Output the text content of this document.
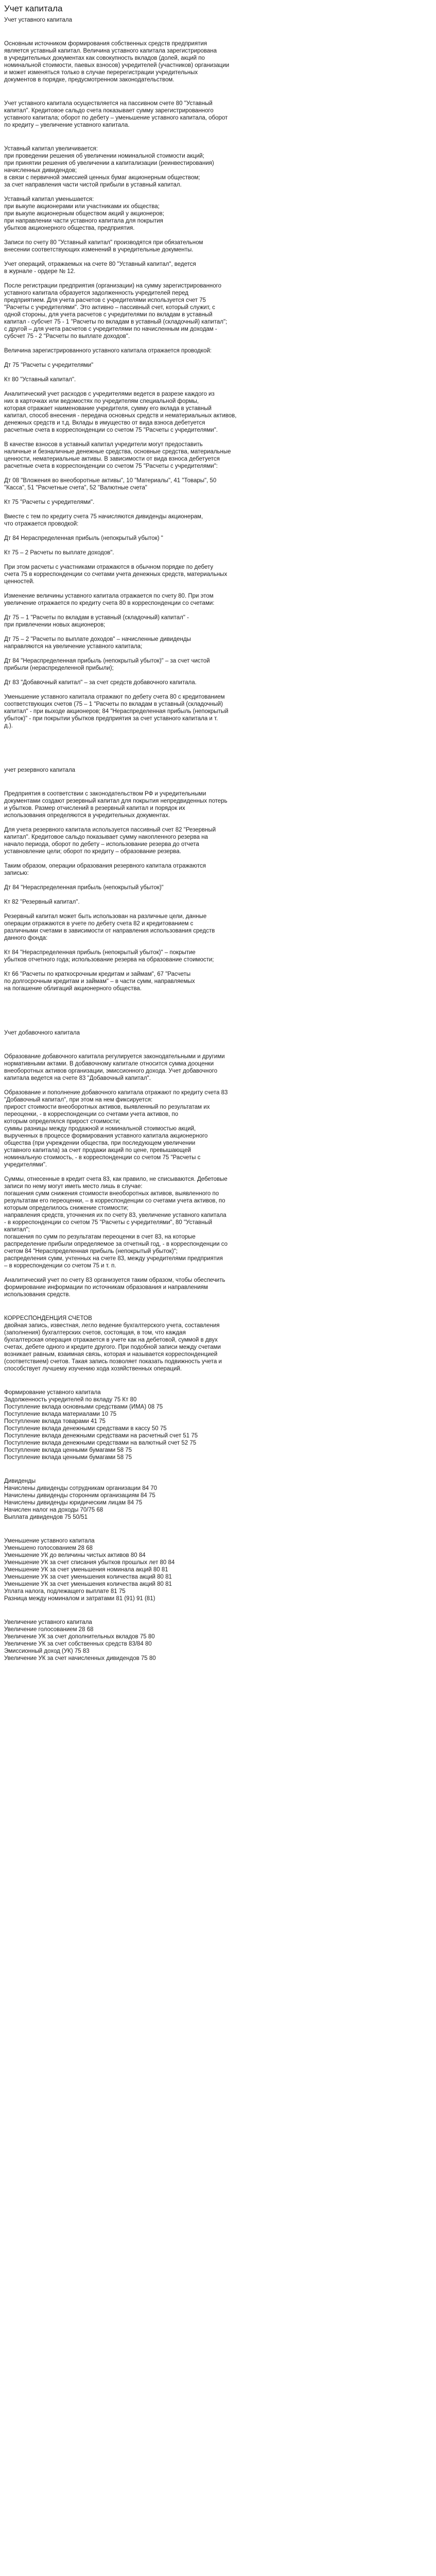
Учет капитала
Учет уставного капитала
Основным источником формирования собственных средств предприятия
является уставный капитал. Величина уставного капитала зарегистрирована
в учредительных документах как совокупность вкладов (долей, акций по
номинальной стоимости, паевых взносов) учредителей (участников) организации
и может изменяться только в случае перерегистрации учредительных
документов в порядке, предусмотренном законодательством.
Учет уставного капитала осуществляется на пассивном счете 80 "Уставный
капитал". Кредитовое сальдо счета показывает сумму зарегистрированного
уставного капитала; оборот по дебету – уменьшение уставного капитала, оборот
по кредиту – увеличение уставного капитала.
Уставный капитал увеличивается:
при проведении решения об увеличении номинальной стоимости акций;
при принятии решения об увеличении а капитализации (реинвестирования)
начисленных дивидендов;
в связи с первичной эмиссией ценных бумаг акционерным обществом;
за счет направления части чистой прибыли в уставный капитал.
Уставный капитал уменьшается:
при выкупе акционерами или участниками их общества;
при выкупе акционерным обществом акций у акционеров;
при направлении части уставного капитала для покрытия
убытков акционерного общества, предприятия.
Записи по счету 80 "Уставный капитал" производятся при обязательном
внесении соответствующих изменений в учредительные документы.
Учет операций, отражаемых на счете 80 "Уставный капитал", ведется
в журнале - ордере № 12.
После регистрации предприятия (организации) на сумму зарегистрированного
уставного капитала образуется задолженность учредителей перед
предприятием. Для учета расчетов с учредителями используется счет 75
"Расчеты с учредителями". Это активно – пассивный счет, который служит, с
одной стороны, для учета расчетов с учредителями по вкладам в уставный
капитал - субсчет 75 - 1 "Расчеты по вкладам в уставный (складочный) капитал";
с другой – для учета расчетов с учредителями по начисленным им доходам -
субсчет 75 - 2 "Расчеты по выплате доходов".
Величина зарегистрированного уставного капитала отражается проводкой:
Дт 75 "Расчеты с учредителями"
Кт 80 "Уставный капитал".
Аналитический учет расходов с учредителями ведется в разрезе каждого из
них в карточках или ведомостях по учредителям специальной формы,
которая отражает наименование учредителя, сумму его вклада в уставный
капитал, способ внесения - передача основных средств и нематериальных активов,
денежных средств и т.д. Вклады в имущество от вида взноса дебетуется
расчетные счета в корреспонденции со счетом 75 "Расчеты с учредителями".
В качестве взносов в уставный капитал учредители могут предоставить
наличные и безналичные денежные средства, основные средства, материальные
ценности, нематериальные активы. В зависимости от вида взноса дебетуется
расчетные счета в корреспонденции со счетом 75 "Расчеты с учредителями":
Дт 08 "Вложения во внеоборотные активы", 10 "Материалы", 41 "Товары", 50
"Касса", 51 "Расчетные счета", 52 "Валютные счета"
Кт 75 "Расчеты с учредителями".
Вместе с тем по кредиту счета 75 начисляются дивиденды акционерам,
что отражается проводкой:
Дт 84 Нераспределенная прибыль (непокрытый убыток) "
Кт 75 – 2 Расчеты по выплате доходов".
При этом расчеты с участниками отражаются в обычном порядке по дебету
счета 75 в корреспонденции со счетами учета денежных средств, материальных
ценностей.
Изменение величины уставного капитала отражается по счету 80. При этом
увеличение отражается по кредиту счета 80 в корреспонденции со счетами:
Дт 75 – 1 "Расчеты по вкладам в уставный (складочный) капитал" -
при привлечении новых акционеров;
Дт 75 – 2 "Расчеты по выплате доходов" – начисленные дивиденды
направляются на увеличение уставного капитала;
Дт 84 "Нераспределенная прибыль (непокрытый убыток)" – за счет чистой
прибыли (нераспределенной прибыли);
Дт 83 "Добавочный капитал" – за счет средств добавочного капитала.
Уменьшение уставного капитала отражают по дебету счета 80 с кредитованием
соответствующих счетов (75 – 1 "Расчеты по вкладам в уставный (складочный)
капитал" - при выходе акционеров; 84 "Нераспределенная прибыль (непокрытый
убыток)" - при покрытии убытков предприятия за счет уставного капитала и т.
д.).
учет резервного капитала
Предприятия в соответствии с законодательством РФ и учредительными
документами создают резервный капитал для покрытия непредвиденных потерь
и убытков. Размер отчислений в резервный капитал и порядок их
использования определяются в учредительных документах.
Для учета резервного капитала используется пассивный счет 82 "Резервный
капитал". Кредитовое сальдо показывает сумму накопленного резерва на
начало периода, оборот по дебету – использование резерва до отчета
уставновление цели; оборот по кредиту – образование резерва.
Таким образом, операции образования резервного капитала отражаются
записью:
Дт 84 "Нераспределенная прибыль (непокрытый убыток)"
Кт 82 "Резервный капитал".
Резервный капитал может быть использован на различные цели, данные
операции отражаются в учете по дебету счета 82 и кредитованием с
различными счетами в зависимости от направления использования средств
данного фонда:
Кт 84 "Нераспределенная прибыль (непокрытый убыток)" – покрытие
убытков отчетного года; использование резерва на образование стоимости;
Кт 66 "Расчеты по краткосрочным кредитам и займам", 67 "Расчеты
по долгосрочным кредитам и займам" – в части сумм, направляемых
на погашение облигаций акционерного общества.
Учет добавочного капитала
Образование добавочного капитала регулируется законодательными и другими
нормативными актами. В добавочному капитале относится сумма дооценки
внеоборотных активов организации, эмиссионного дохода. Учет добавочного
капитала ведется на счете 83 "Добавочный капитал".
Образование и пополнение добавочного капитала отражают по кредиту счета 83
"Добавочный капитал", при этом на нем фиксируется:
прирост стоимости внеоборотных активов, выявленный по результатам их
переоценки, - в корреспонденции со счетами учета активов, по
которым определялся прирост стоимости;
суммы разницы между продажной и номинальной стоимостью акций,
вырученных в процессе формирования уставного капитала акционерного
общества (при учреждении общества, при последующем увеличении
уставного капитала) за счет продажи акций по цене, превышающей
номинальную стоимость, - в корреспонденции со счетом 75 "Расчеты с
учредителями".
Суммы, отнесенные в кредит счета 83, как правило, не списываются. Дебетовые
записи по нему могут иметь место лишь в случае:
погашения сумм снижения стоимости внеоборотных активов, выявленного по
результатам его переоценки, – в корреспонденции со счетами учета активов, по
которым определилось снижение стоимости;
направления средств, уточнения их по счету 83, увеличение уставного капитала
- в корреспонденции со счетом 75 "Расчеты с учредителями", 80 "Уставный
капитал";
погашения по сумм по результатам переоценки в счет 83, на которые
распределение прибыли определяемое за отчетный год, - в корреспонденции со
счетом 84 "Нераспределенная прибыль (непокрытый убыток)";
распределения сумм, учтенных на счете 83, между учредителями предприятия
– в корреспонденции со счетом 75 и т. п.
Аналитический учет по счету 83 организуется таким образом, чтобы обеспечить
формирование информации по источникам образования и направлениям
использования средств.
КОРРЕСПОНДЕНЦИЯ СЧЕТОВ
двойная запись, известная, легло ведение бухгалтерского учета, составления
(заполнения) бухгалтерских счетов, состоящая, в том, что каждая
бухгалтерская операция отражается в учете как на дебетовой, суммой в двух
счетах, дебете одного и кредите другого. При подобной записи между счетами
возникает равным, взаимная связь, которая и называется корреспонденцией
(соответствием) счетов. Такая запись позволяет показать подвижность учета и
способствует лучшему изучению хода хозяйственных операций.
Формирование уставного капитала
Задолженность учредителей по вкладу 75 Кт 80
Поступление вклада основными средствами (ИМА) 08 75
Поступление вклада материалами 10 75
Поступление вклада товарами 41 75
Поступление вклада денежными средствами в кассу 50 75
Поступление вклада денежными средствами на расчетный счет 51 75
Поступление вклада денежными средствами на валютный счет 52 75
Поступление вклада ценными бумагами 58 75
Поступление вклада ценными бумагами 58 75
Дивиденды
Начислены дивиденды сотрудникам организации 84 70
Начислены дивиденды сторонним организациям 84 75
Начислены дивиденды юридическим лицам 84 75
Начислен налог на доходы 70/75 68
Выплата дивидендов 75 50/51
Уменьшение уставного капитала
Уменьшено голосованием 28 68
Уменьшение УК до величины чистых активов 80 84
Уменьшение УК за счет списания убытков прошлых лет 80 84
Уменьшение УК за счет уменьшения номинала акций 80 81
Уменьшение УК за счет уменьшения количества акций 80 81
Уменьшение УК за счет уменьшения количества акций 80 81
Уплата налога, подлежащего выплате 81 75
Разница между номиналом и затратами 81 (91) 91 (81)
Увеличение уставного капитала
Увеличение голосованием 28 68
Увеличение УК за счет дополнительных вкладов 75 80
Увеличение УК за счет собственных средств 83/84 80
Эмиссионный доход (УК) 75 83
Увеличение УК за счет начисленных дивидендов 75 80
